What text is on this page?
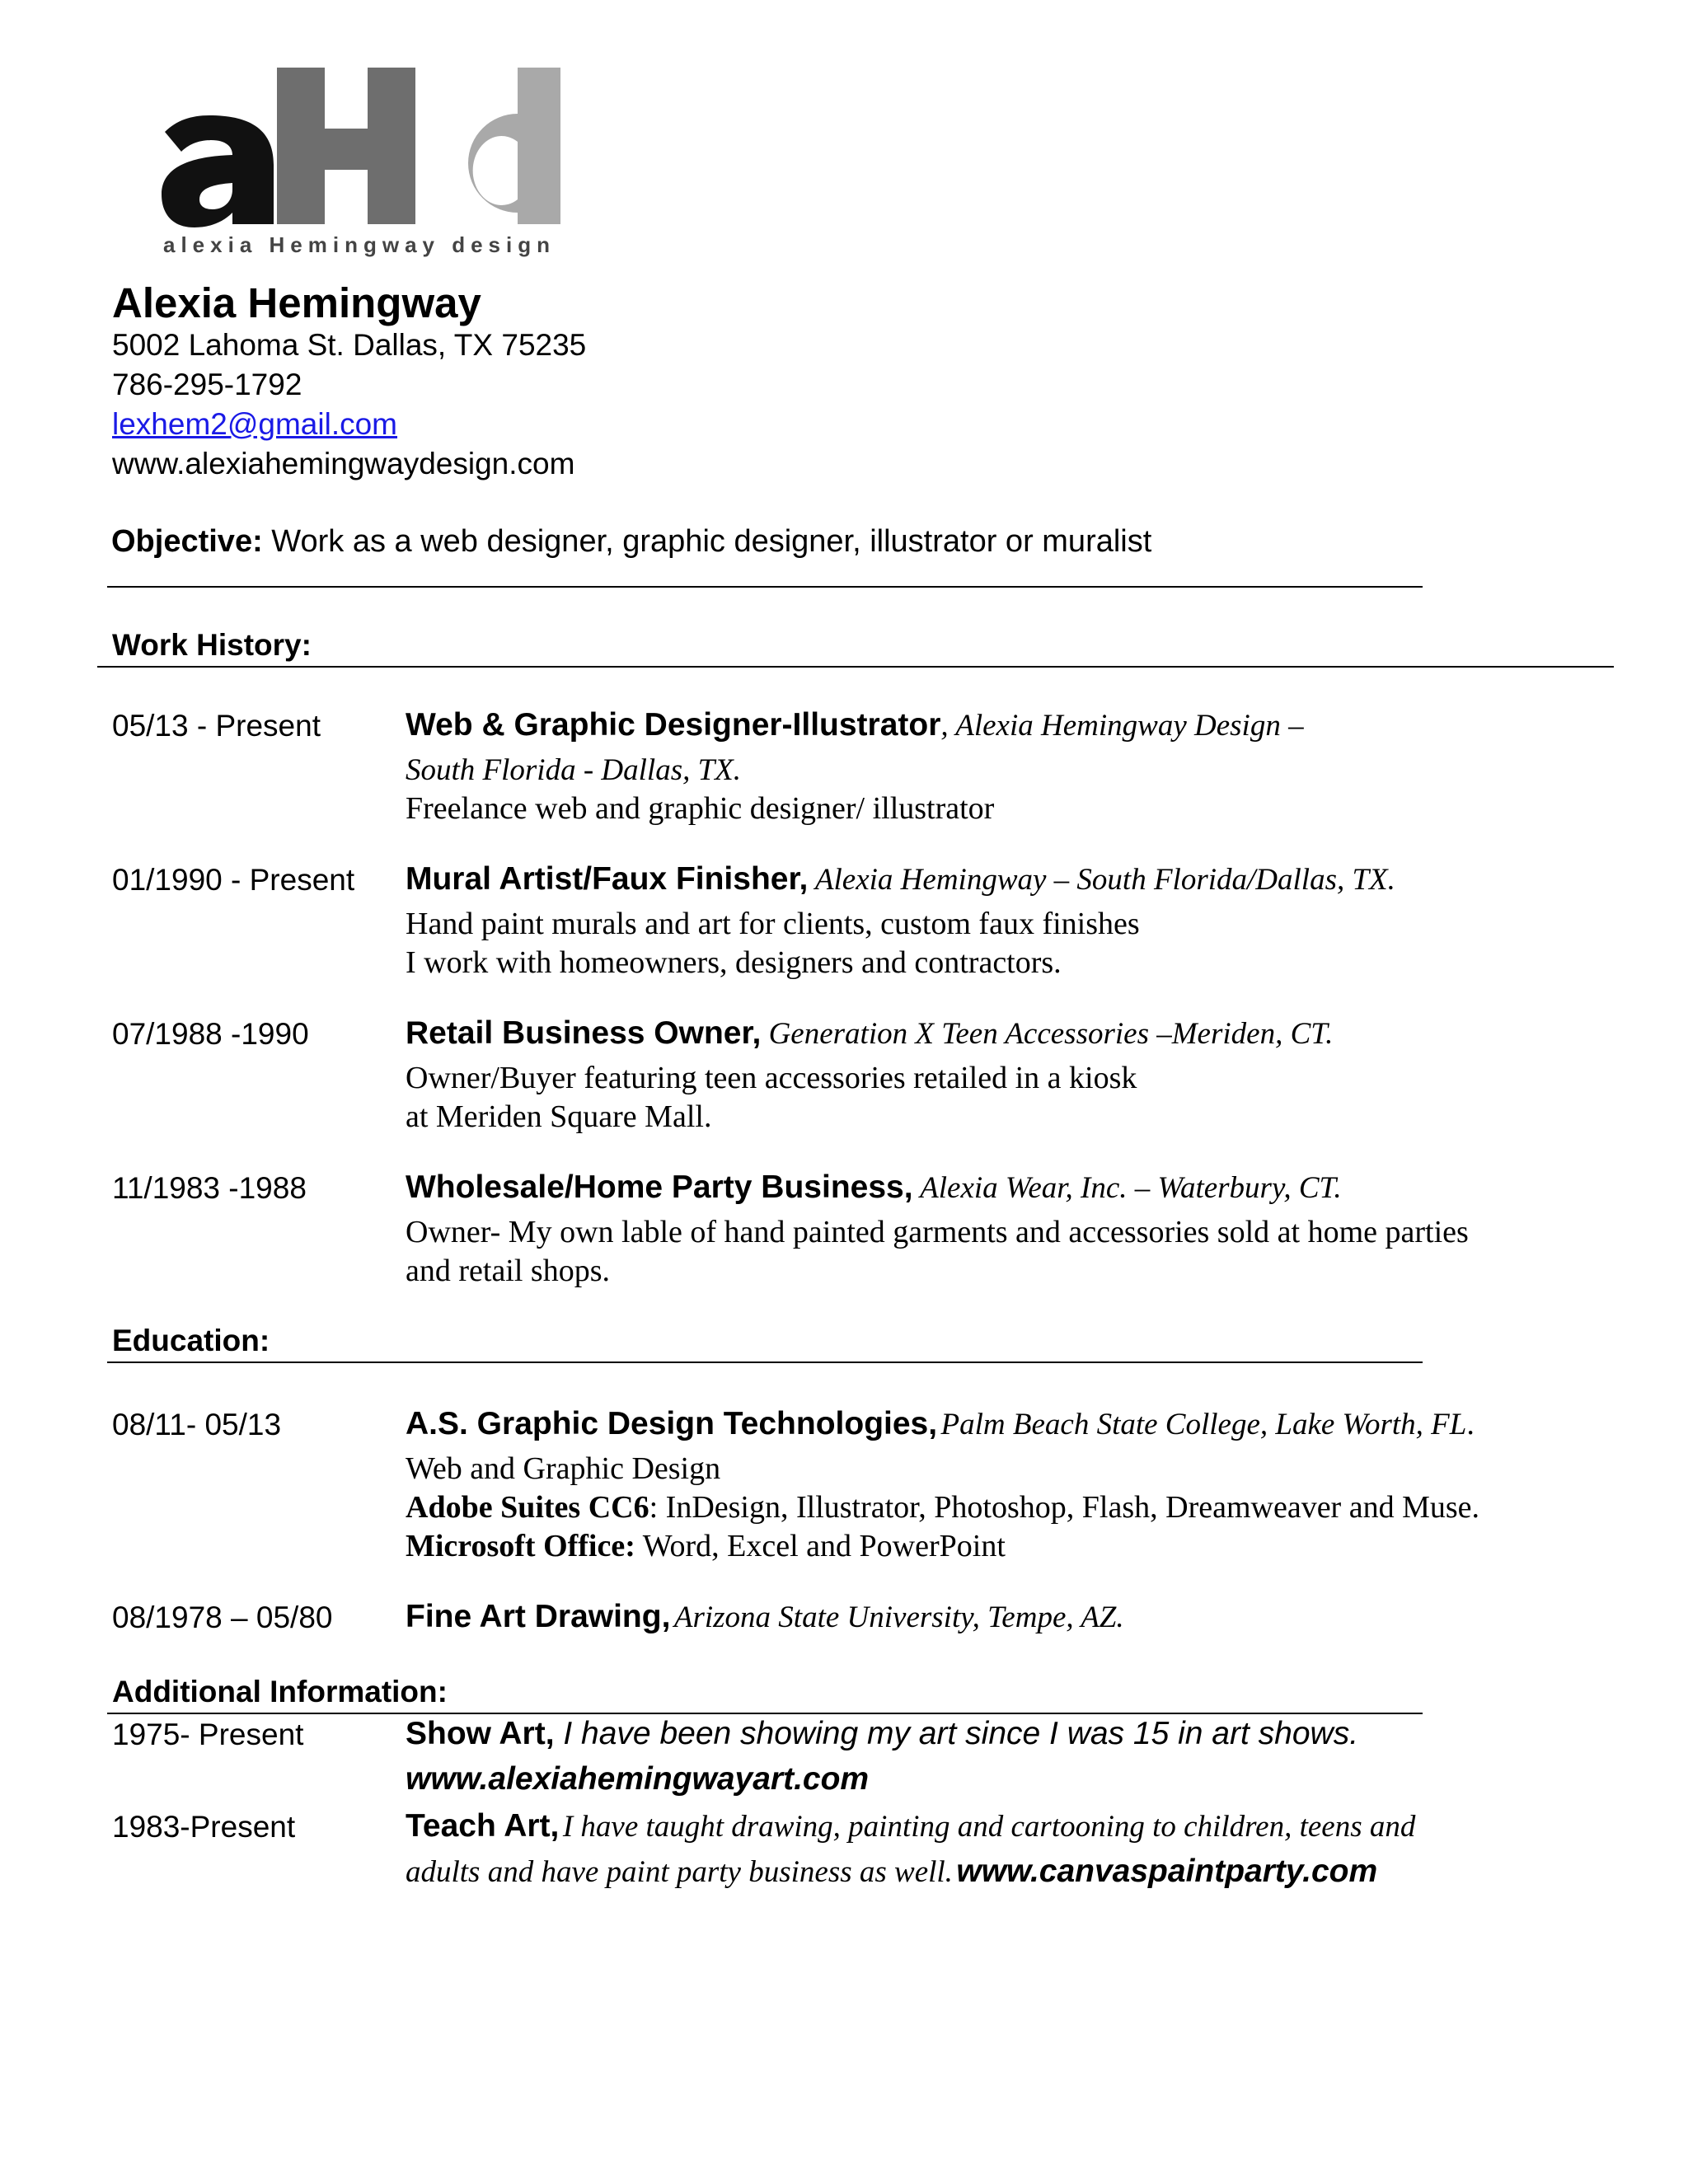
alexia Hemingway design
Alexia Hemingway
5002 Lahoma St. Dallas, TX 75235
786-295-1792
lexhem2@gmail.com
www.alexiahemingwaydesign.com
Objective: Work as a web designer, graphic designer, illustrator or muralist
Work History:
05/13 - Present	Web & Graphic Designer-Illustrator, Alexia Hemingway Design –
South Florida - Dallas, TX.
Freelance web and graphic designer/ illustrator
01/1990 - Present Mural Artist/Faux Finisher, Alexia Hemingway – South Florida/Dallas, TX.
Hand paint murals and art for clients, custom faux finishes
I work with homeowners, designers and contractors.
07/1988 -1990	Retail Business Owner, Generation X Teen Accessories –Meriden, CT.
Owner/Buyer featuring teen accessories retailed in a kiosk
at Meriden Square Mall.
11/1983 -1988	Wholesale/Home Party Business, Alexia Wear, Inc. – Waterbury, CT.
Owner- My own lable of hand painted garments and accessories sold at home parties
and retail shops.
Education:
08/11- 05/13	A.S. Graphic Design Technologies, Palm Beach State College, Lake Worth, FL.
Web and Graphic Design
Adobe Suites CC6: InDesign, Illustrator, Photoshop, Flash, Dreamweaver and Muse.
Microsoft Office: Word, Excel and PowerPoint
08/1978 – 05/80 Fine Art Drawing, Arizona State University, Tempe, AZ.
Additional Information:
1975- Present	Show Art, I have been showing my art since I was 15 in art shows.
www.alexiahemingwayart.com
1983-Present	Teach Art, I have taught drawing, painting and cartooning to children, teens and
adults and have paint party business as well. www.canvaspaintparty.com
